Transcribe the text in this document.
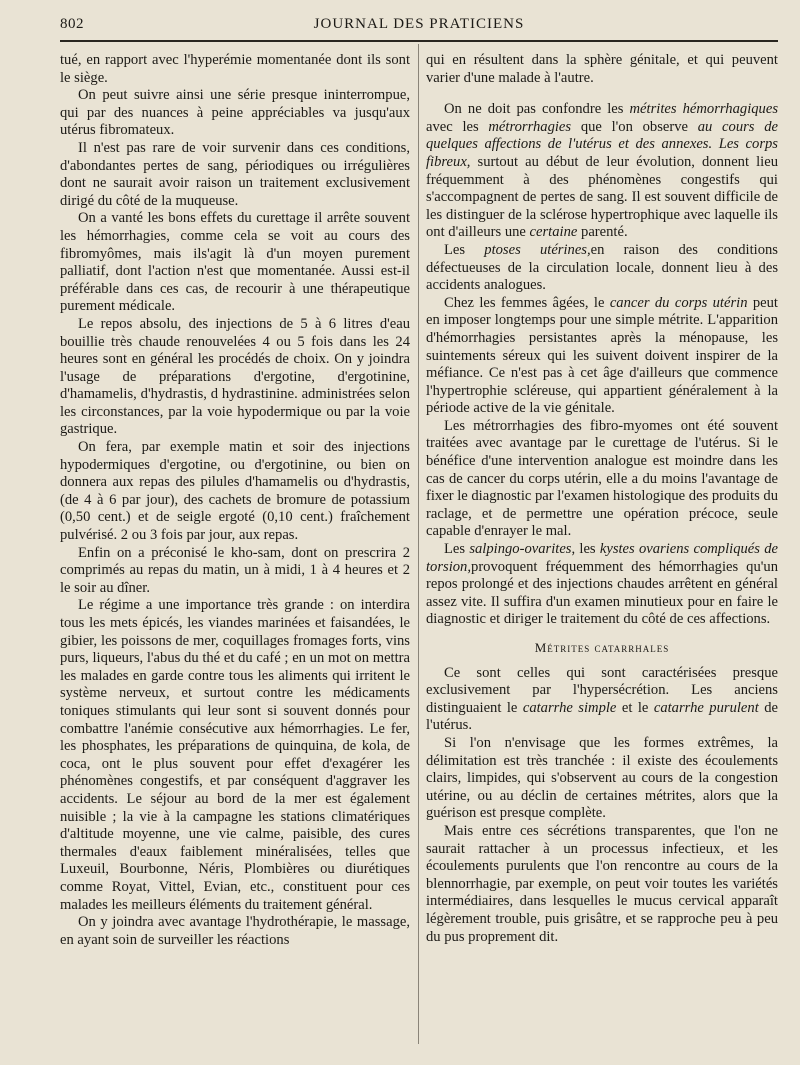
802	JOURNAL DES PRATICIENS

tué, en rapport avec l'hyperémie momentanée dont ils sont le siège.

On peut suivre ainsi une série presque ininterrompue, qui par des nuances à peine appréciables va jusqu'aux utérus fibromateux.

Il n'est pas rare de voir survenir dans ces conditions, d'abondantes pertes de sang, périodiques ou irrégulières dont ne saurait avoir raison un traitement exclusivement dirigé du côté de la muqueuse.

On a vanté les bons effets du curettage il arrête souvent les hémorrhagies, comme cela se voit au cours des fibromyômes, mais ils'agit là d'un moyen purement palliatif, dont l'action n'est que momentanée. Aussi est-il préférable dans ces cas, de recourir à une thérapeutique purement médicale.

Le repos absolu, des injections de 5 à 6 litres d'eau bouillie très chaude renouvelées 4 ou 5 fois dans les 24 heures sont en général les procédés de choix. On y joindra l'usage de préparations d'ergotine, d'ergotinine, d'hamamelis, d'hydrastis, d hydrastinine. administrées selon les circonstances, par la voie hypodermique ou par la voie gastrique.

On fera, par exemple matin et soir des injections hypodermiques d'ergotine, ou d'ergotinine, ou bien on donnera aux repas des pilules d'hamamelis ou d'hydrastis, (de 4 à 6 par jour), des cachets de bromure de potassium (0,50 cent.) et de seigle ergoté (0,10 cent.) fraîchement pulvérisé. 2 ou 3 fois par jour, aux repas.

Enfin on a préconisé le kho-sam, dont on prescrira 2 comprimés au repas du matin, un à midi, 1 à 4 heures et 2 le soir au dîner.

Le régime a une importance très grande : on interdira tous les mets épicés, les viandes marinées et faisandées, le gibier, les poissons de mer, coquillages fromages forts, vins purs, liqueurs, l'abus du thé et du café ; en un mot on mettra les malades en garde contre tous les aliments qui irritent le système nerveux, et surtout contre les médicaments toniques stimulants qui leur sont si souvent donnés pour combattre l'anémie consécutive aux hémorrhagies. Le fer, les phosphates, les préparations de quinquina, de kola, de coca, ont le plus souvent pour effet d'exagérer les phénomènes congestifs, et par conséquent d'aggraver les accidents. Le séjour au bord de la mer est également nuisible ; la vie à la campagne les stations climatériques d'altitude moyenne, une vie calme, paisible, des cures thermales d'eaux faiblement minéralisées, telles que Luxeuil, Bourbonne, Néris, Plombières ou diurétiques comme Royat, Vittel, Evian, etc., constituent pour ces malades les meilleurs éléments du traitement général.

On y joindra avec avantage l'hydrothérapie, le massage, en ayant soin de surveiller les réactions

qui en résultent dans la sphère génitale, et qui peuvent varier d'une malade à l'autre.

On ne doit pas confondre les métrites hémorrhagiques avec les métrorrhagies que l'on observe au cours de quelques affections de l'utérus et des annexes. Les corps fibreux, surtout au début de leur évolution, donnent lieu fréquemment à des phénomènes congestifs qui s'accompagnent de pertes de sang. Il est souvent difficile de les distinguer de la sclérose hypertrophique avec laquelle ils ont d'ailleurs une certaine parenté.

Les ptoses utérines,en raison des conditions défectueuses de la circulation locale, donnent lieu à des accidents analogues.

Chez les femmes âgées, le cancer du corps utérin peut en imposer longtemps pour une simple métrite. L'apparition d'hémorrhagies persistantes après la ménopause, les suintements séreux qui les suivent doivent inspirer de la méfiance. Ce n'est pas à cet âge d'ailleurs que commence l'hypertrophie scléreuse, qui appartient généralement à la période active de la vie génitale.

Les métrorrhagies des fibro-myomes ont été souvent traitées avec avantage par le curettage de l'utérus. Si le bénéfice d'une intervention analogue est moindre dans les cas de cancer du corps utérin, elle a du moins l'avantage de fixer le diagnostic par l'examen histologique des produits du raclage, et de permettre une opération précoce, seule capable d'enrayer le mal.

Les salpingo-ovarites, les kystes ovariens compliqués de torsion,provoquent fréquemment des hémorrhagies qu'un repos prolongé et des injections chaudes arrêtent en général assez vite. Il suffira d'un examen minutieux pour en faire le diagnostic et diriger le traitement du côté de ces affections.

Métrites catarrhales

Ce sont celles qui sont caractérisées presque exclusivement par l'hypersécrétion. Les anciens distinguaient le catarrhe simple et le catarrhe purulent de l'utérus.

Si l'on n'envisage que les formes extrêmes, la délimitation est très tranchée : il existe des écoulements clairs, limpides, qui s'observent au cours de la congestion utérine, ou au déclin de certaines métrites, alors que la guérison est presque complète.

Mais entre ces sécrétions transparentes, que l'on ne saurait rattacher à un processus infectieux, et les écoulements purulents que l'on rencontre au cours de la blennorrhagie, par exemple, on peut voir toutes les variétés intermédiaires, dans lesquelles le mucus cervical apparaît légèrement trouble, puis grisâtre, et se rapproche peu à peu du pus proprement dit.
